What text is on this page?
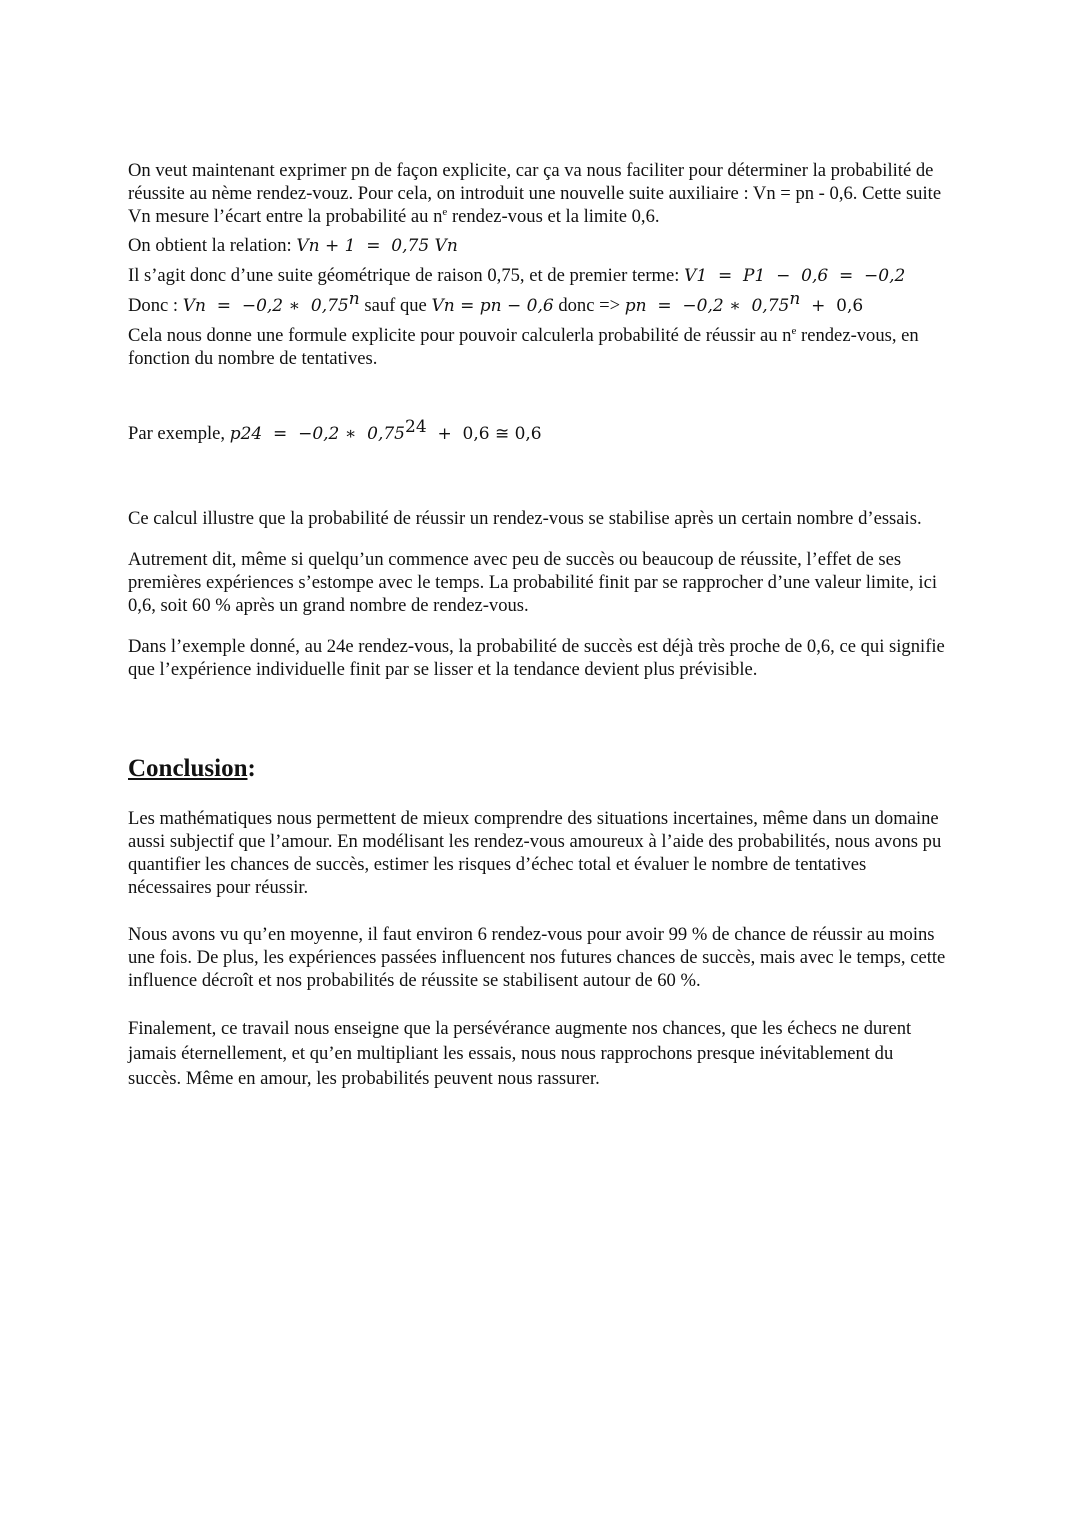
On veut maintenant exprimer pn de façon explicite, car ça va nous faciliter pour déterminer la probabilité de réussite au nème rendez-vouz. Pour cela, on introduit une nouvelle suite auxiliaire : Vn = pn - 0,6. Cette suite Vn mesure l’écart entre la probabilité au $n^e$ rendez-vous et la limite 0,6.

On obtient la relation: Vn + 1  =  0,75 Vn

Il s’agit donc d’une suite géométrique de raison 0,75, et de premier terme: V1  =  P1  −  0,6  =  −0,2

Donc : Vn  =  −0,2 ∗  0,75$^n$ sauf que Vn = pn − 0,6 donc => pn  =  −0,2 ∗  0,75$^n$  +  0,6

Cela nous donne une formule explicite pour pouvoir calculerla probabilité de réussir au $n^e$ rendez-vous, en fonction du nombre de tentatives.

Par exemple, p24  =  −0,2 ∗  0,75$^{24}$  +  0,6 ≅ 0,6

Ce calcul illustre que la probabilité de réussir un rendez-vous se stabilise après un certain nombre d’essais.

Autrement dit, même si quelqu’un commence avec peu de succès ou beaucoup de réussite, l’effet de ses premières expériences s’estompe avec le temps. La probabilité finit par se rapprocher d’une valeur limite, ici 0,6, soit 60 % après un grand nombre de rendez-vous.

Dans l’exemple donné, au 24e rendez-vous, la probabilité de succès est déjà très proche de 0,6, ce qui signifie que l’expérience individuelle finit par se lisser et la tendance devient plus prévisible.

Conclusion:

Les mathématiques nous permettent de mieux comprendre des situations incertaines, même dans un domaine aussi subjectif que l’amour. En modélisant les rendez-vous amoureux à l’aide des probabilités, nous avons pu quantifier les chances de succès, estimer les risques d’échec total et évaluer le nombre de tentatives nécessaires pour réussir.

Nous avons vu qu’en moyenne, il faut environ 6 rendez-vous pour avoir 99 % de chance de réussir au moins une fois. De plus, les expériences passées influencent nos futures chances de succès, mais avec le temps, cette influence décroît et nos probabilités de réussite se stabilisent autour de 60 %.

Finalement, ce travail nous enseigne que la persévérance augmente nos chances, que les échecs ne durent jamais éternellement, et qu’en multipliant les essais, nous nous rapprochons presque inévitablement du succès. Même en amour, les probabilités peuvent nous rassurer.
